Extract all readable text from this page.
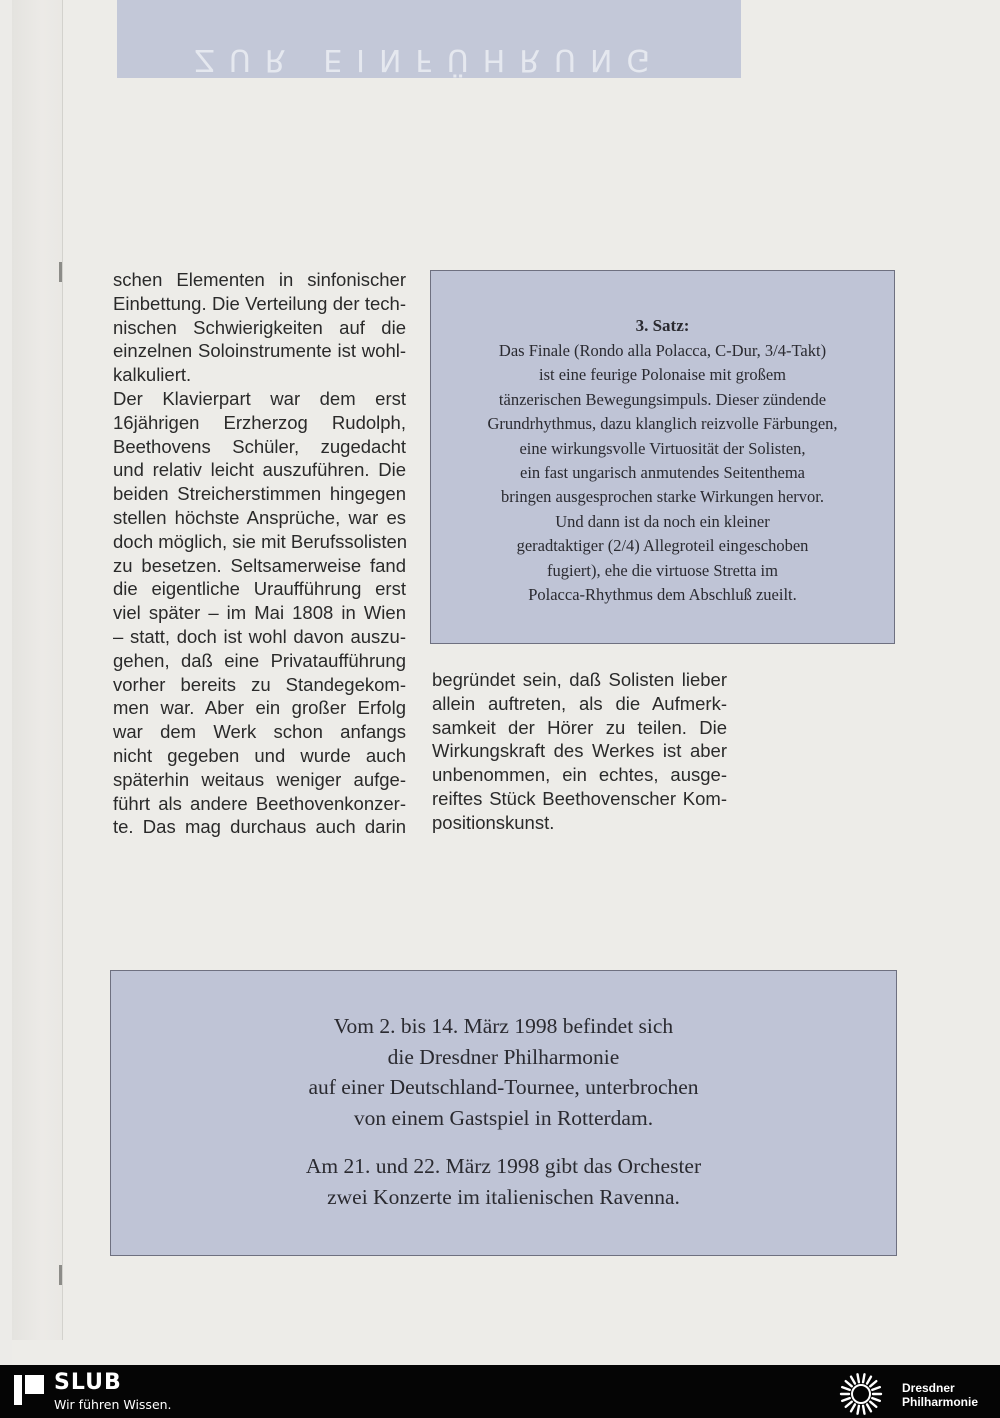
ZUR EINFÜHRUNG
schen Elementen in sinfonischer
Einbettung. Die Verteilung der tech-
nischen Schwierigkeiten auf die
einzelnen Soloinstrumente ist wohl-
kalkuliert.
Der Klavierpart war dem erst
16jährigen Erzherzog Rudolph,
Beethovens Schüler, zugedacht
und relativ leicht auszuführen. Die
beiden Streicherstimmen hingegen
stellen höchste Ansprüche, war es
doch möglich, sie mit Berufssolisten
zu besetzen. Seltsamerweise fand
die eigentliche Uraufführung erst
viel später – im Mai 1808 in Wien
– statt, doch ist wohl davon auszu-
gehen, daß eine Privataufführung
vorher bereits zu Standegekom-
men war. Aber ein großer Erfolg
war dem Werk schon anfangs
nicht gegeben und wurde auch
späterhin weitaus weniger aufge-
führt als andere Beethovenkonzer-
te. Das mag durchaus auch darin
3. Satz:
Das Finale (Rondo alla Polacca, C-Dur, 3/4-Takt)
ist eine feurige Polonaise mit großem
tänzerischen Bewegungsimpuls. Dieser zündende
Grundrhythmus, dazu klanglich reizvolle Färbungen,
eine wirkungsvolle Virtuosität der Solisten,
ein fast ungarisch anmutendes Seitenthema
bringen ausgesprochen starke Wirkungen hervor.
Und dann ist da noch ein kleiner
geradtaktiger (2/4) Allegroteil eingeschoben
fugiert), ehe die virtuose Stretta im
Polacca-Rhythmus dem Abschluß zueilt.
begründet sein, daß Solisten lieber
allein auftreten, als die Aufmerk-
samkeit der Hörer zu teilen. Die
Wirkungskraft des Werkes ist aber
unbenommen, ein echtes, ausge-
reiftes Stück Beethovenscher Kom-
positionskunst.
Vom 2. bis 14. März 1998 befindet sich
die Dresdner Philharmonie
auf einer Deutschland-Tournee, unterbrochen
von einem Gastspiel in Rotterdam.
Am 21. und 22. März 1998 gibt das Orchester
zwei Konzerte im italienischen Ravenna.
SLUB
Wir führen Wissen.
Dresdner
Philharmonie
